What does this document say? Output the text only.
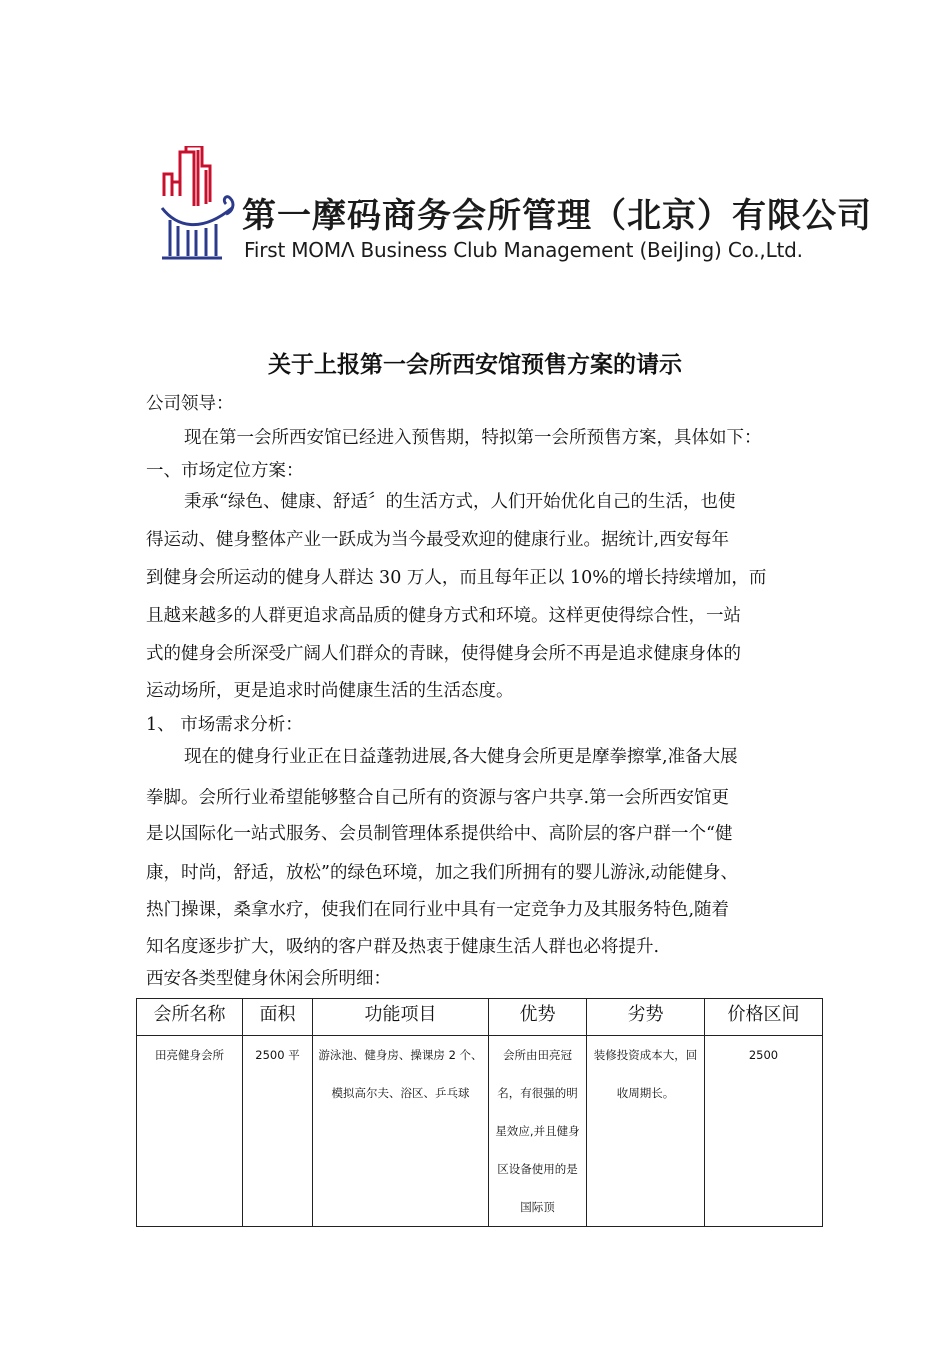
第一摩码商务会所管理（北京）有限公司
First MOMΛ Business Club Management (BeiJing) Co.,Ltd.
关于上报第一会所西安馆预售方案的请示
公司领导：
现在第一会所西安馆已经进入预售期，特拟第一会所预售方案，具体如下：
一、市场定位方案：
秉承“绿色、健康、舒适〞的生活方式，人们开始优化自己的生活，也使
得运动、健身整体产业一跃成为当今最受欢迎的健康行业。据统计,西安每年
到健身会所运动的健身人群达 30 万人，而且每年正以 10%的增长持续增加，而
且越来越多的人群更追求高品质的健身方式和环境。这样更使得综合性，一站
式的健身会所深受广阔人们群众的青睐，使得健身会所不再是追求健康身体的
运动场所，更是追求时尚健康生活的生活态度。
1、 市场需求分析：
现在的健身行业正在日益蓬勃进展,各大健身会所更是摩拳擦掌,准备大展
拳脚。会所行业希望能够整合自己所有的资源与客户共享.第一会所西安馆更
是以国际化一站式服务、会员制管理体系提供给中、高阶层的客户群一个“健
康，时尚，舒适，放松”的绿色环境，加之我们所拥有的婴儿游泳,动能健身、
热门操课，桑拿水疗，使我们在同行业中具有一定竞争力及其服务特色,随着
知名度逐步扩大，吸纳的客户群及热衷于健康生活人群也必将提升.
西安各类型健身休闲会所明细：
会所名称	面积	功能项目	优势	劣势	价格区间
田亮健身会所	2500 平	游泳池、健身房、操课房 2 个、模拟高尔夫、浴区、乒乓球	会所由田亮冠名，有很强的明星效应,并且健身区设备使用的是国际顶	装修投资成本大，回收周期长。	2500
